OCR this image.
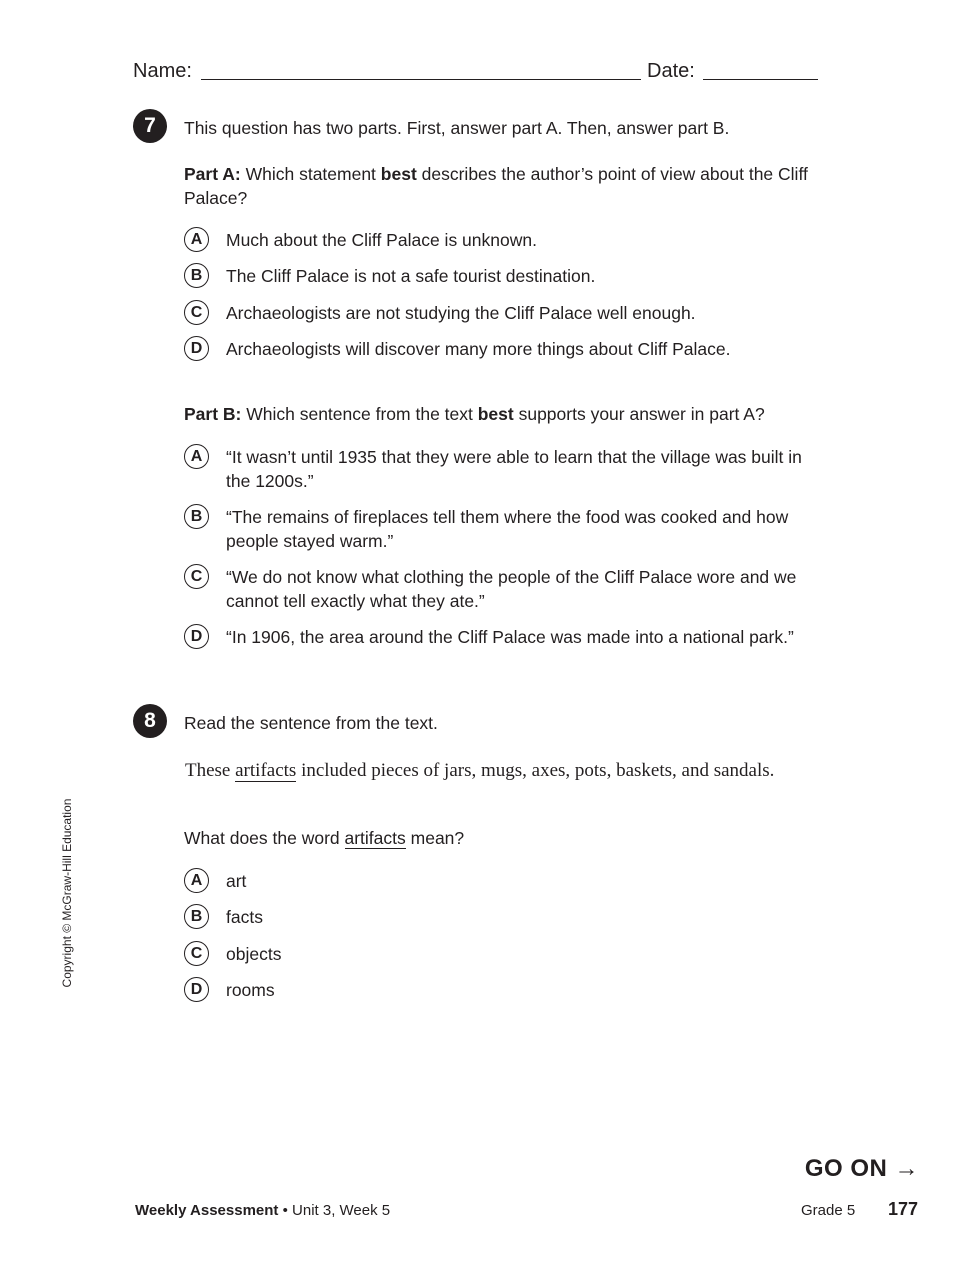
Name:	Date:
7	This question has two parts. First, answer part A. Then, answer part B.
Part A: Which statement best describes the author’s point of view about the Cliff Palace?
A	Much about the Cliff Palace is unknown.
B	The Cliff Palace is not a safe tourist destination.
C	Archaeologists are not studying the Cliff Palace well enough.
D	Archaeologists will discover many more things about Cliff Palace.
Part B: Which sentence from the text best supports your answer in part A?
A	“It wasn’t until 1935 that they were able to learn that the village was built in the 1200s.”
B	“The remains of fireplaces tell them where the food was cooked and how people stayed warm.”
C	“We do not know what clothing the people of the Cliff Palace wore and we cannot tell exactly what they ate.”
D	“In 1906, the area around the Cliff Palace was made into a national park.”
8	Read the sentence from the text.
These artifacts included pieces of jars, mugs, axes, pots, baskets, and sandals.
What does the word artifacts mean?
A	art
B	facts
C	objects
D	rooms
Copyright © McGraw-Hill Education
GO ON →
Weekly Assessment • Unit 3, Week 5	Grade 5 177
